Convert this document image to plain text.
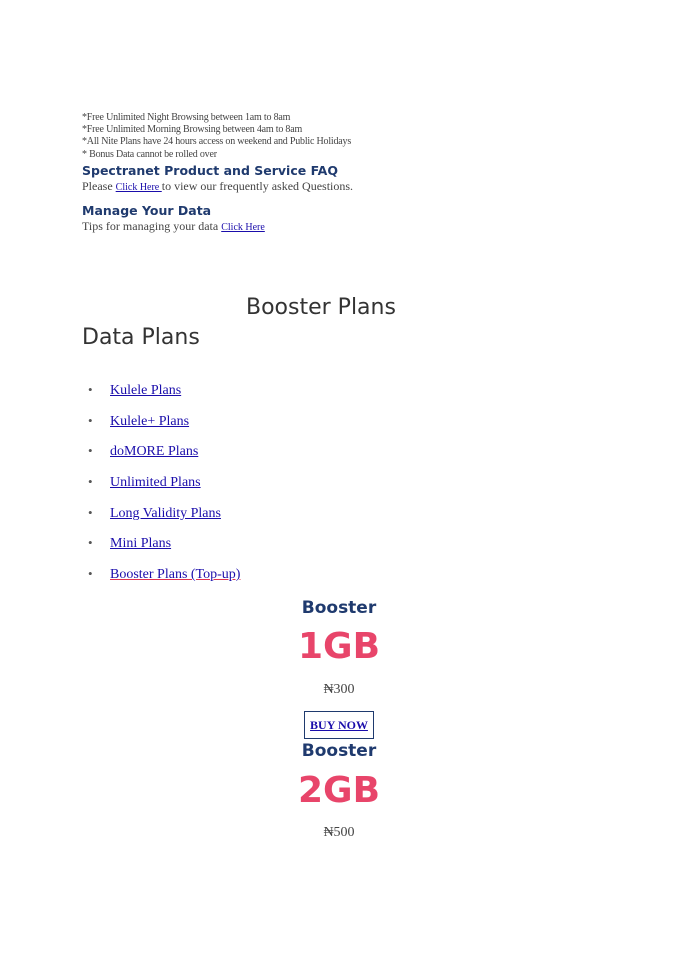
*Free Unlimited Night Browsing between 1am to 8am
*Free Unlimited Morning Browsing between 4am to 8am
*All Nite Plans have 24 hours access on weekend and Public Holidays
* Bonus Data cannot be rolled over
Spectranet Product and Service FAQ
Please Click Here to view our frequently asked Questions.
Manage Your Data
Tips for managing your data Click Here
Booster Plans
Data Plans
• Kulele Plans
• Kulele+ Plans
• doMORE Plans
• Unlimited Plans
• Long Validity Plans
• Mini Plans
• Booster Plans (Top-up)
Booster
1GB
₦300
BUY NOW
Booster
2GB
₦500
